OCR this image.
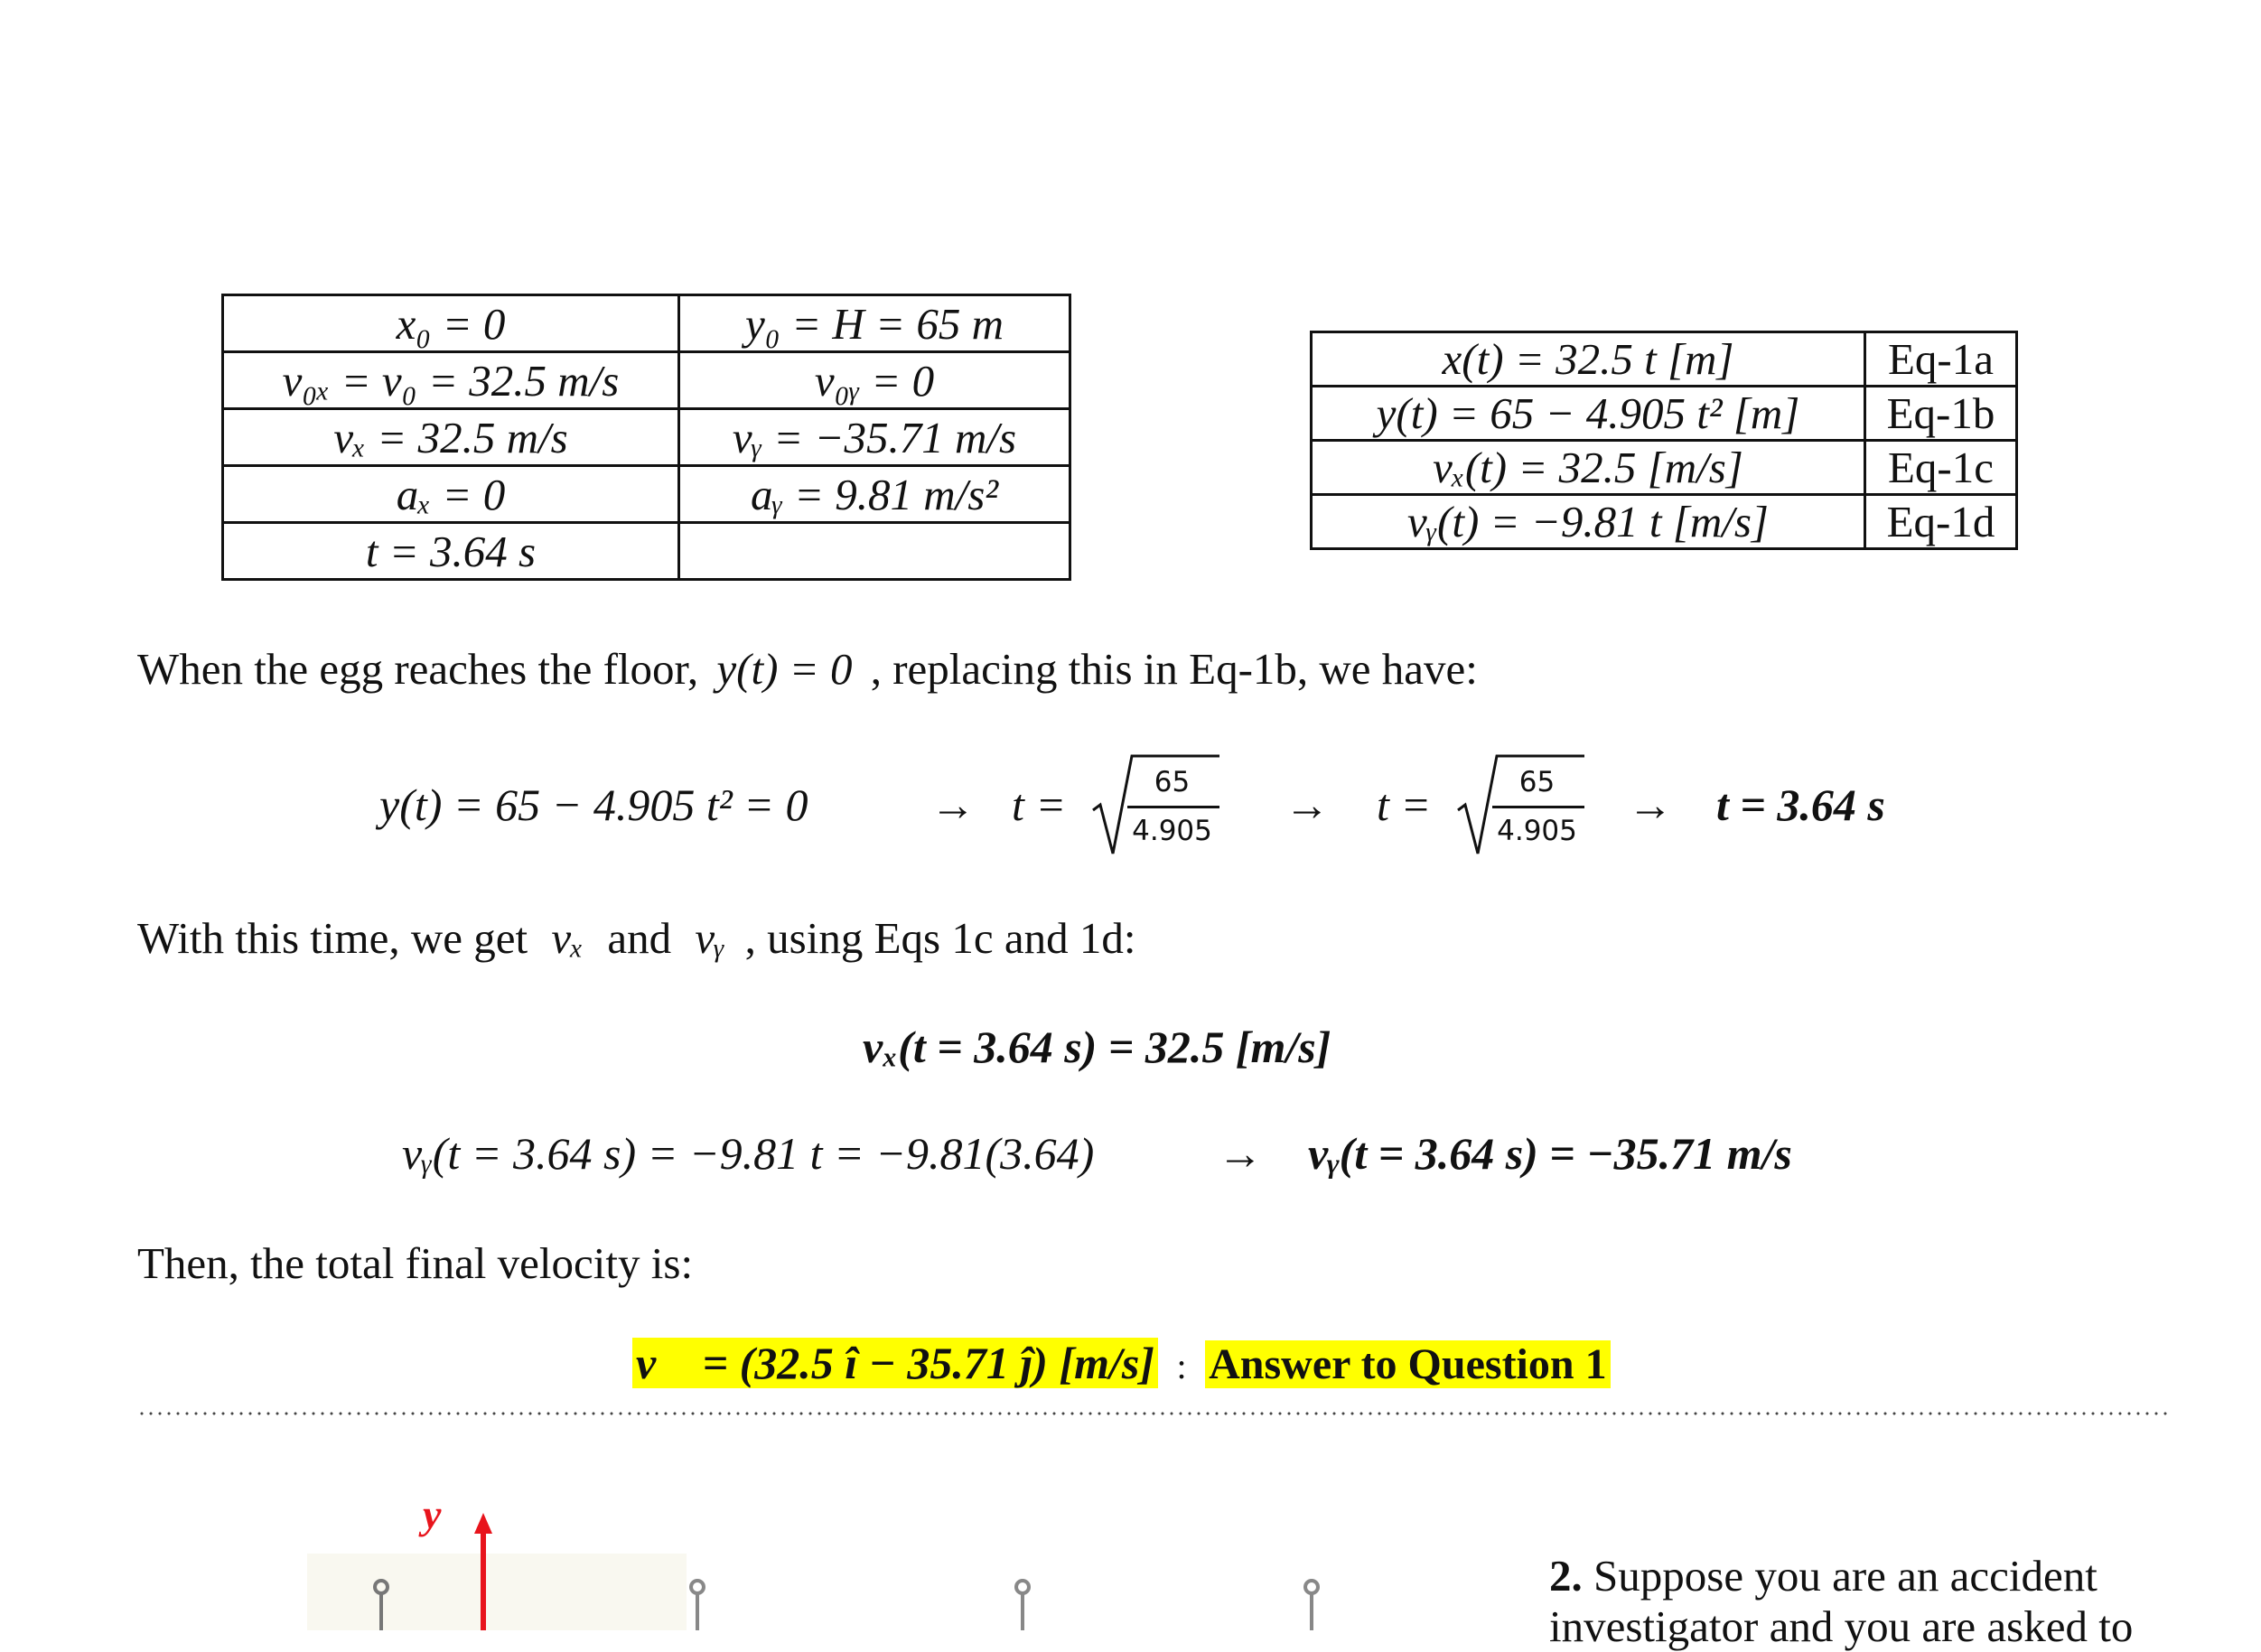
x₀ = 0	y₀ = H = 65 m
v₀ₓ = v₀ = 32.5 m/s	v₀ᵧ = 0
vₓ = 32.5 m/s	vᵧ = −35.71 m/s
aₓ = 0	aᵧ = 9.81 m/s²
t = 3.64 s	
x(t) = 32.5 t [m]	Eq-1a
y(t) = 65 − 4.905 t² [m]	Eq-1b
vₓ(t) = 32.5 [m/s]	Eq-1c
vᵧ(t) = −9.81 t [m/s]	Eq-1d
When the egg reaches the floor, y(t) = 0 , replacing this in Eq-1b, we have:
y(t) = 65 − 4.905 t² = 0	→ t =	65
4.905
→ t =	65
4.905
→ t = 3.64 s
With this time, we get vₓ and vᵧ , using Eqs 1c and 1d:
vₓ(t = 3.64 s) = 32.5 [m/s]
vᵧ(t = 3.64 s) = −9.81 t = −9.81(3.64)	→ vᵧ(t = 3.64 s) = −35.71 m/s
Then, the total final velocity is:
v⃗ = (32.5 î − 35.71 ĵ) [m/s] : Answer to Question 1
y
2. Suppose you are an accident
investigator and you are asked to
